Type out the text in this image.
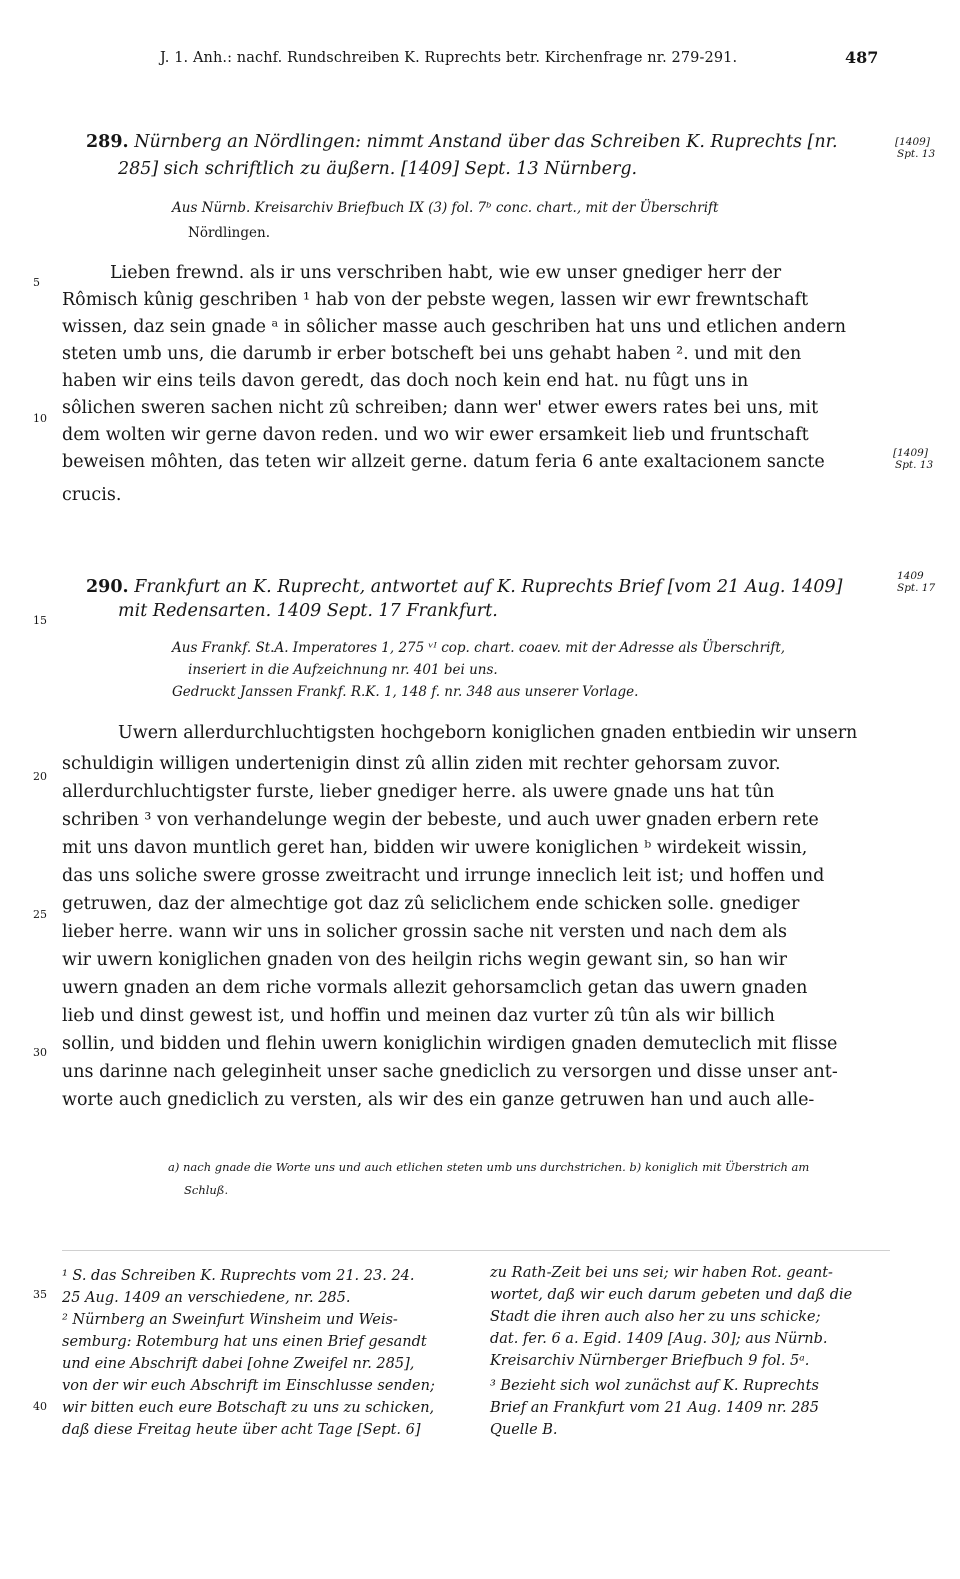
J. 1. Anh.: nachf. Rundschreiben K. Ruprechts betr. Kirchenfrage nr. 279-291.	487
289. Nürnberg an Nördlingen: nimmt Anstand über das Schreiben K. Ruprechts [nr.
285] sich schriftlich zu äußern. [1409] Sept. 13 Nürnberg.
[1409]
Spt. 13
Aus Nürnb. Kreisarchiv Briefbuch IX (3) fol. 7ᵇ conc. chart., mit der Überschrift
Nördlingen.
Lieben frewnd. als ir uns verschriben habt, wie ew unser gnediger herr der
Rômisch kûnig geschriben ¹ hab von der pebste wegen, lassen wir ewr frewntschaft
wissen, daz sein gnade ᵃ in sôlicher masse auch geschriben hat uns und etlichen andern
steten umb uns, die darumb ir erber botscheft bei uns gehabt haben ². und mit den
haben wir eins teils davon geredt, das doch noch kein end hat. nu fûgt uns in
sôlichen sweren sachen nicht zû schreiben; dann wer' etwer ewers rates bei uns, mit
dem wolten wir gerne davon reden. und wo wir ewer ersamkeit lieb und fruntschaft
beweisen môhten, das teten wir allzeit gerne. datum feria 6 ante exaltacionem sancte
crucis.
[1409]
Spt. 13
290. Frankfurt an K. Ruprecht, antwortet auf K. Ruprechts Brief [vom 21 Aug. 1409]
mit Redensarten. 1409 Sept. 17 Frankfurt.
1409
Spt. 17
Aus Frankf. St.A. Imperatores 1, 275 ᵛᴵ cop. chart. coaev. mit der Adresse als Überschrift,
inseriert in die Aufzeichnung nr. 401 bei uns.
Gedruckt Janssen Frankf. R.K. 1, 148 f. nr. 348 aus unserer Vorlage.
Uwern allerdurchluchtigsten hochgeborn koniglichen gnaden entbiedin wir unsern
schuldigin willigen undertenigin dinst zû allin ziden mit rechter gehorsam zuvor.
allerdurchluchtigster furste, lieber gnediger herre. als uwere gnade uns hat tûn
schriben ³ von verhandelunge wegin der bebeste, und auch uwer gnaden erbern rete
mit uns davon muntlich geret han, bidden wir uwere koniglichen ᵇ wirdekeit wissin,
das uns soliche swere grosse zweitracht und irrunge inneclich leit ist; und hoffen und
getruwen, daz der almechtige got daz zû seliclichem ende schicken solle. gnediger
lieber herre. wann wir uns in solicher grossin sache nit versten und nach dem als
wir uwern koniglichen gnaden von des heilgin richs wegin gewant sin, so han wir
uwern gnaden an dem riche vormals allezit gehorsamclich getan das uwern gnaden
lieb und dinst gewest ist, und hoffin und meinen daz vurter zû tûn als wir billich
sollin, und bidden und flehin uwern koniglichin wirdigen gnaden demuteclich mit flisse
uns darinne nach geleginheit unser sache gnediclich zu versorgen und disse unser ant-
worte auch gnediclich zu versten, als wir des ein ganze getruwen han und auch alle-
5
10
15
20
25
30
35
40
a) nach gnade die Worte uns und auch etlichen steten umb uns durchstrichen. b) koniglich mit Überstrich am
Schluß.
¹ S. das Schreiben K. Ruprechts vom 21. 23. 24.
25 Aug. 1409 an verschiedene, nr. 285.
² Nürnberg an Sweinfurt Winsheim und Weis-
semburg: Rotemburg hat uns einen Brief gesandt
und eine Abschrift dabei [ohne Zweifel nr. 285],
von der wir euch Abschrift im Einschlusse senden;
wir bitten euch eure Botschaft zu uns zu schicken,
daß diese Freitag heute über acht Tage [Sept. 6]
zu Rath-Zeit bei uns sei; wir haben Rot. geant-
wortet, daß wir euch darum gebeten und daß die
Stadt die ihren auch also her zu uns schicke;
dat. fer. 6 a. Egid. 1409 [Aug. 30]; aus Nürnb.
Kreisarchiv Nürnberger Briefbuch 9 fol. 5ᵃ.
³ Bezieht sich wol zunächst auf K. Ruprechts
Brief an Frankfurt vom 21 Aug. 1409 nr. 285
Quelle B.
